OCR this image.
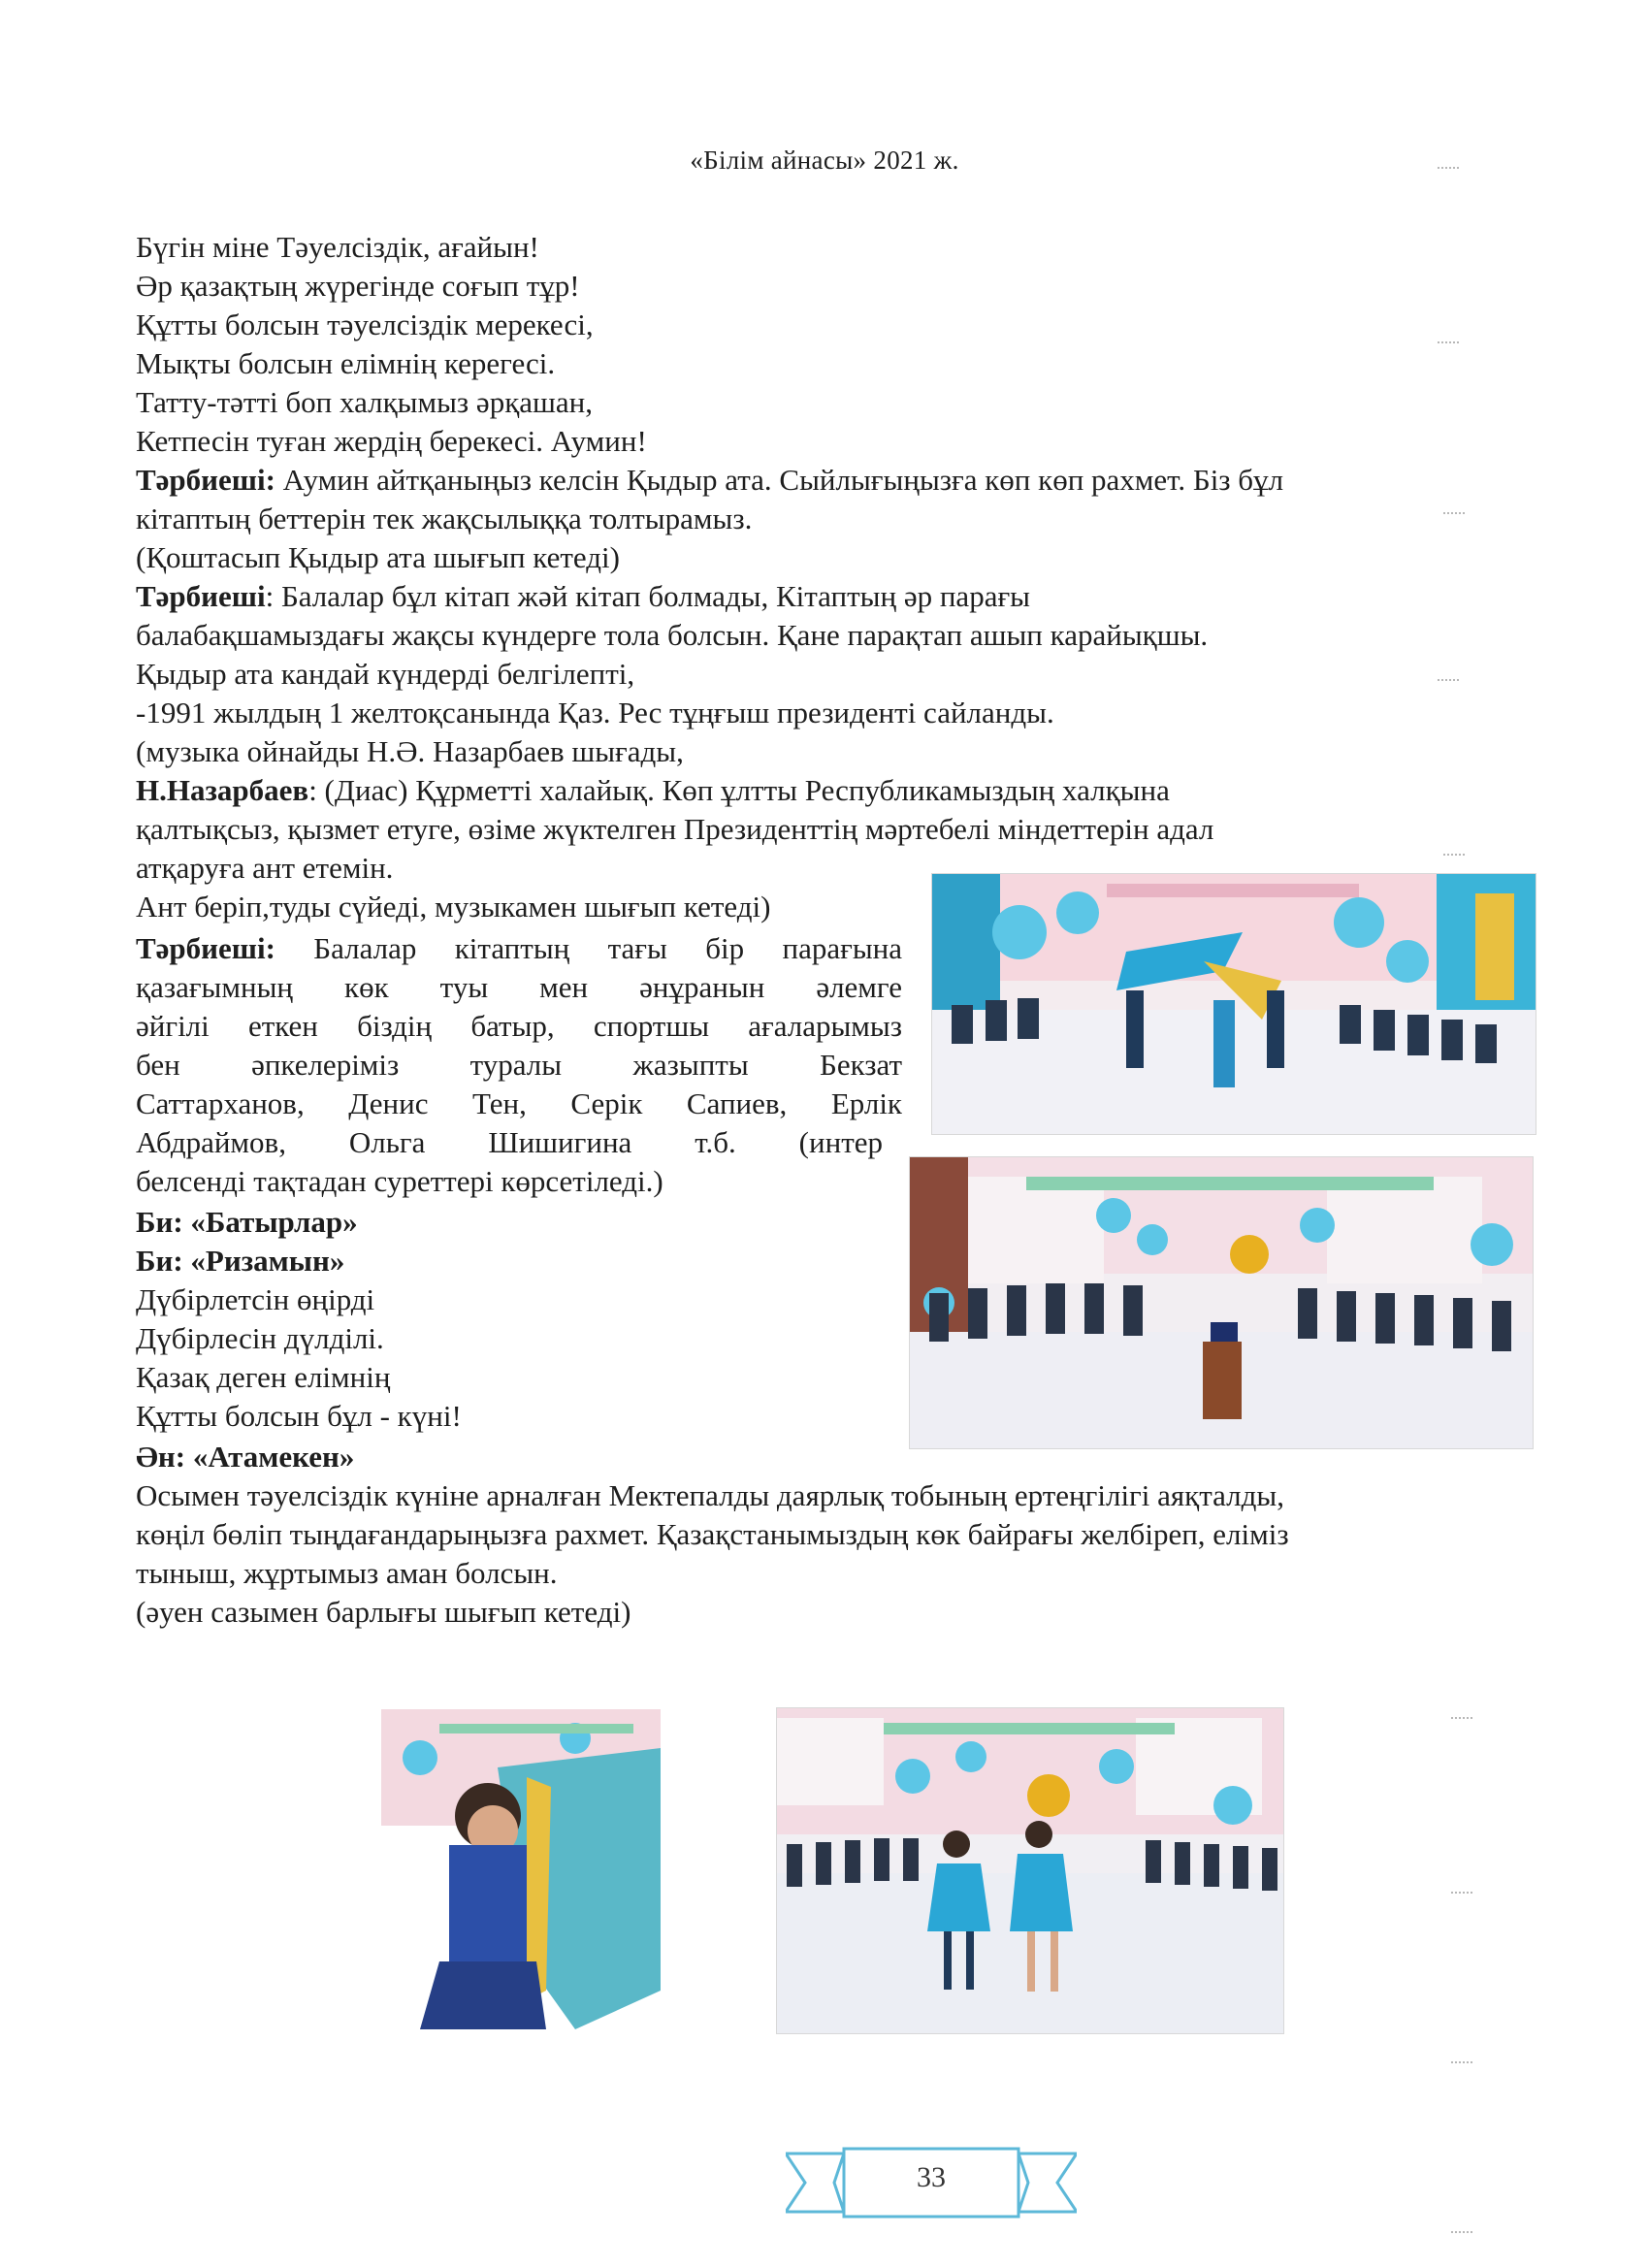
«Білім айнасы» 2021 ж.
Бүгін міне Тәуелсіздік, ағайын!
Әр қазақтың жүрегінде соғып тұр!
Құтты болсын тәуелсіздік мерекесі,
Мықты болсын елімнің керегесі.
Татту-тәтті боп халқымыз әрқашан,
Кетпесін туған жердің берекесі. Аумин!
Тәрбиеші: Аумин айтқаныңыз келсін Қыдыр ата. Сыйлығыңызға көп көп рахмет. Біз бұл
кітаптың беттерін тек жақсылыққа толтырамыз.
(Қоштасып Қыдыр ата шығып кетеді)
Тәрбиеші: Балалар бұл кітап жәй кітап болмады, Кітаптың әр парағы
балабақшамыздағы жақсы күндерге тола болсын. Қане парақтап ашып карайықшы.
Қыдыр ата кандай күндерді белгілепті,
-1991 жылдың 1 желтоқсанында Қаз. Рес тұңғыш президенті сайланды.
(музыка ойнайды Н.Ә. Назарбаев шығады,
Н.Назарбаев: (Диас) Құрметті халайық. Көп ұлтты Республикамыздың халқына
қалтықсыз, қызмет етуге, өзіме жүктелген Президенттің мәртебелі міндеттерін адал
атқаруға ант етемін.
Ант беріп,туды сүйеді, музыкамен шығып кетеді)
Тәрбиеші: Балалар кітаптың тағы бір парағына
қазағымның көк туы мен әнұранын әлемге
әйгілі еткен біздің батыр, спортшы ағаларымыз
бен әпкелеріміз туралы жазыпты Бекзат
Саттарханов, Денис Тен, Серік Сапиев, Ерлік
Абдраймов, Ольга Шишигина т.б. (интер
белсенді тақтадан суреттері көрсетіледі.)
Би: «Батырлар»
Би: «Ризамын»
Дүбірлетсін өңірді
Дүбірлесін дүлділі.
Қазақ деген елімнің
Құтты болсын бұл - күні!
Ән: «Атамекен»
Осымен тәуелсіздік күніне арналған Мектепалды даярлық тобының ертеңгілігі аяқталды,
көңіл бөліп тыңдағандарыңызға рахмет. Қазақстанымыздың көк байрағы желбіреп, еліміз
тыныш, жұртымыз аман болсын.
(әуен сазымен барлығы шығып кетеді)
33
